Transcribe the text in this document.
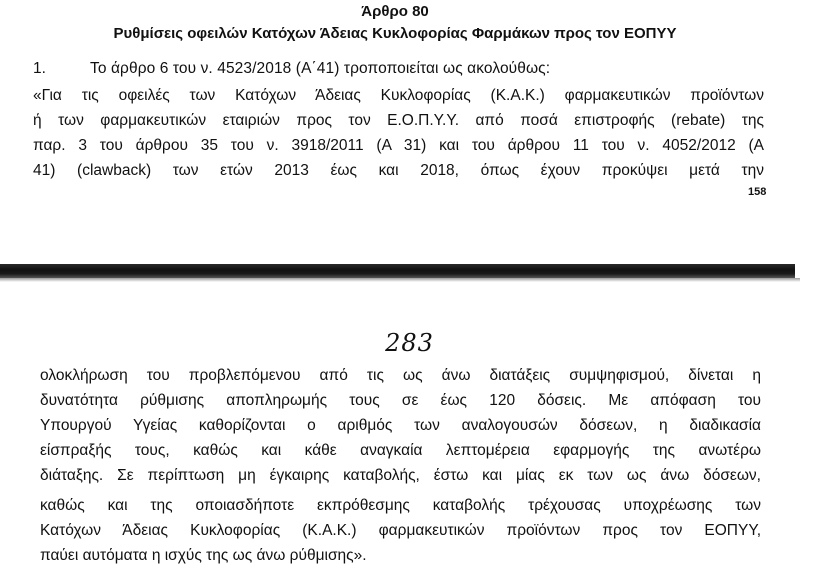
Άρθρο 80
Ρυθμίσεις οφειλών Κατόχων Άδειας Κυκλοφορίας Φαρμάκων προς τον ΕΟΠΥΥ
1.	Το άρθρο 6 του ν. 4523/2018 (Α΄41) τροποποιείται ως ακολούθως:
«Για τις οφειλές των Κατόχων Άδειας Κυκλοφορίας (Κ.Α.Κ.) φαρμακευτικών προϊόντων
ή των φαρμακευτικών εταιριών προς τον Ε.Ο.Π.Υ.Υ. από ποσά επιστροφής (rebate) της
παρ. 3 του άρθρου 35 του ν. 3918/2011 (Α 31) και του άρθρου 11 του ν. 4052/2012 (Α
41) (clawback) των ετών 2013 έως και 2018, όπως έχουν προκύψει μετά την
158
283
ολοκλήρωση του προβλεπόμενου από τις ως άνω διατάξεις συμψηφισμού, δίνεται η
δυνατότητα ρύθμισης αποπληρωμής τους σε έως 120 δόσεις. Με απόφαση του
Υπουργού Υγείας καθορίζονται ο αριθμός των αναλογουσών δόσεων, η διαδικασία
είσπραξής τους, καθώς και κάθε αναγκαία λεπτομέρεια εφαρμογής της ανωτέρω
διάταξης. Σε περίπτωση μη έγκαιρης καταβολής, έστω και μίας εκ των ως άνω δόσεων,
καθώς και της οποιασδήποτε εκπρόθεσμης καταβολής τρέχουσας υποχρέωσης των
Κατόχων Άδειας Κυκλοφορίας (Κ.Α.Κ.) φαρμακευτικών προϊόντων προς τον ΕΟΠΥΥ,
παύει αυτόματα η ισχύς της ως άνω ρύθμισης».
